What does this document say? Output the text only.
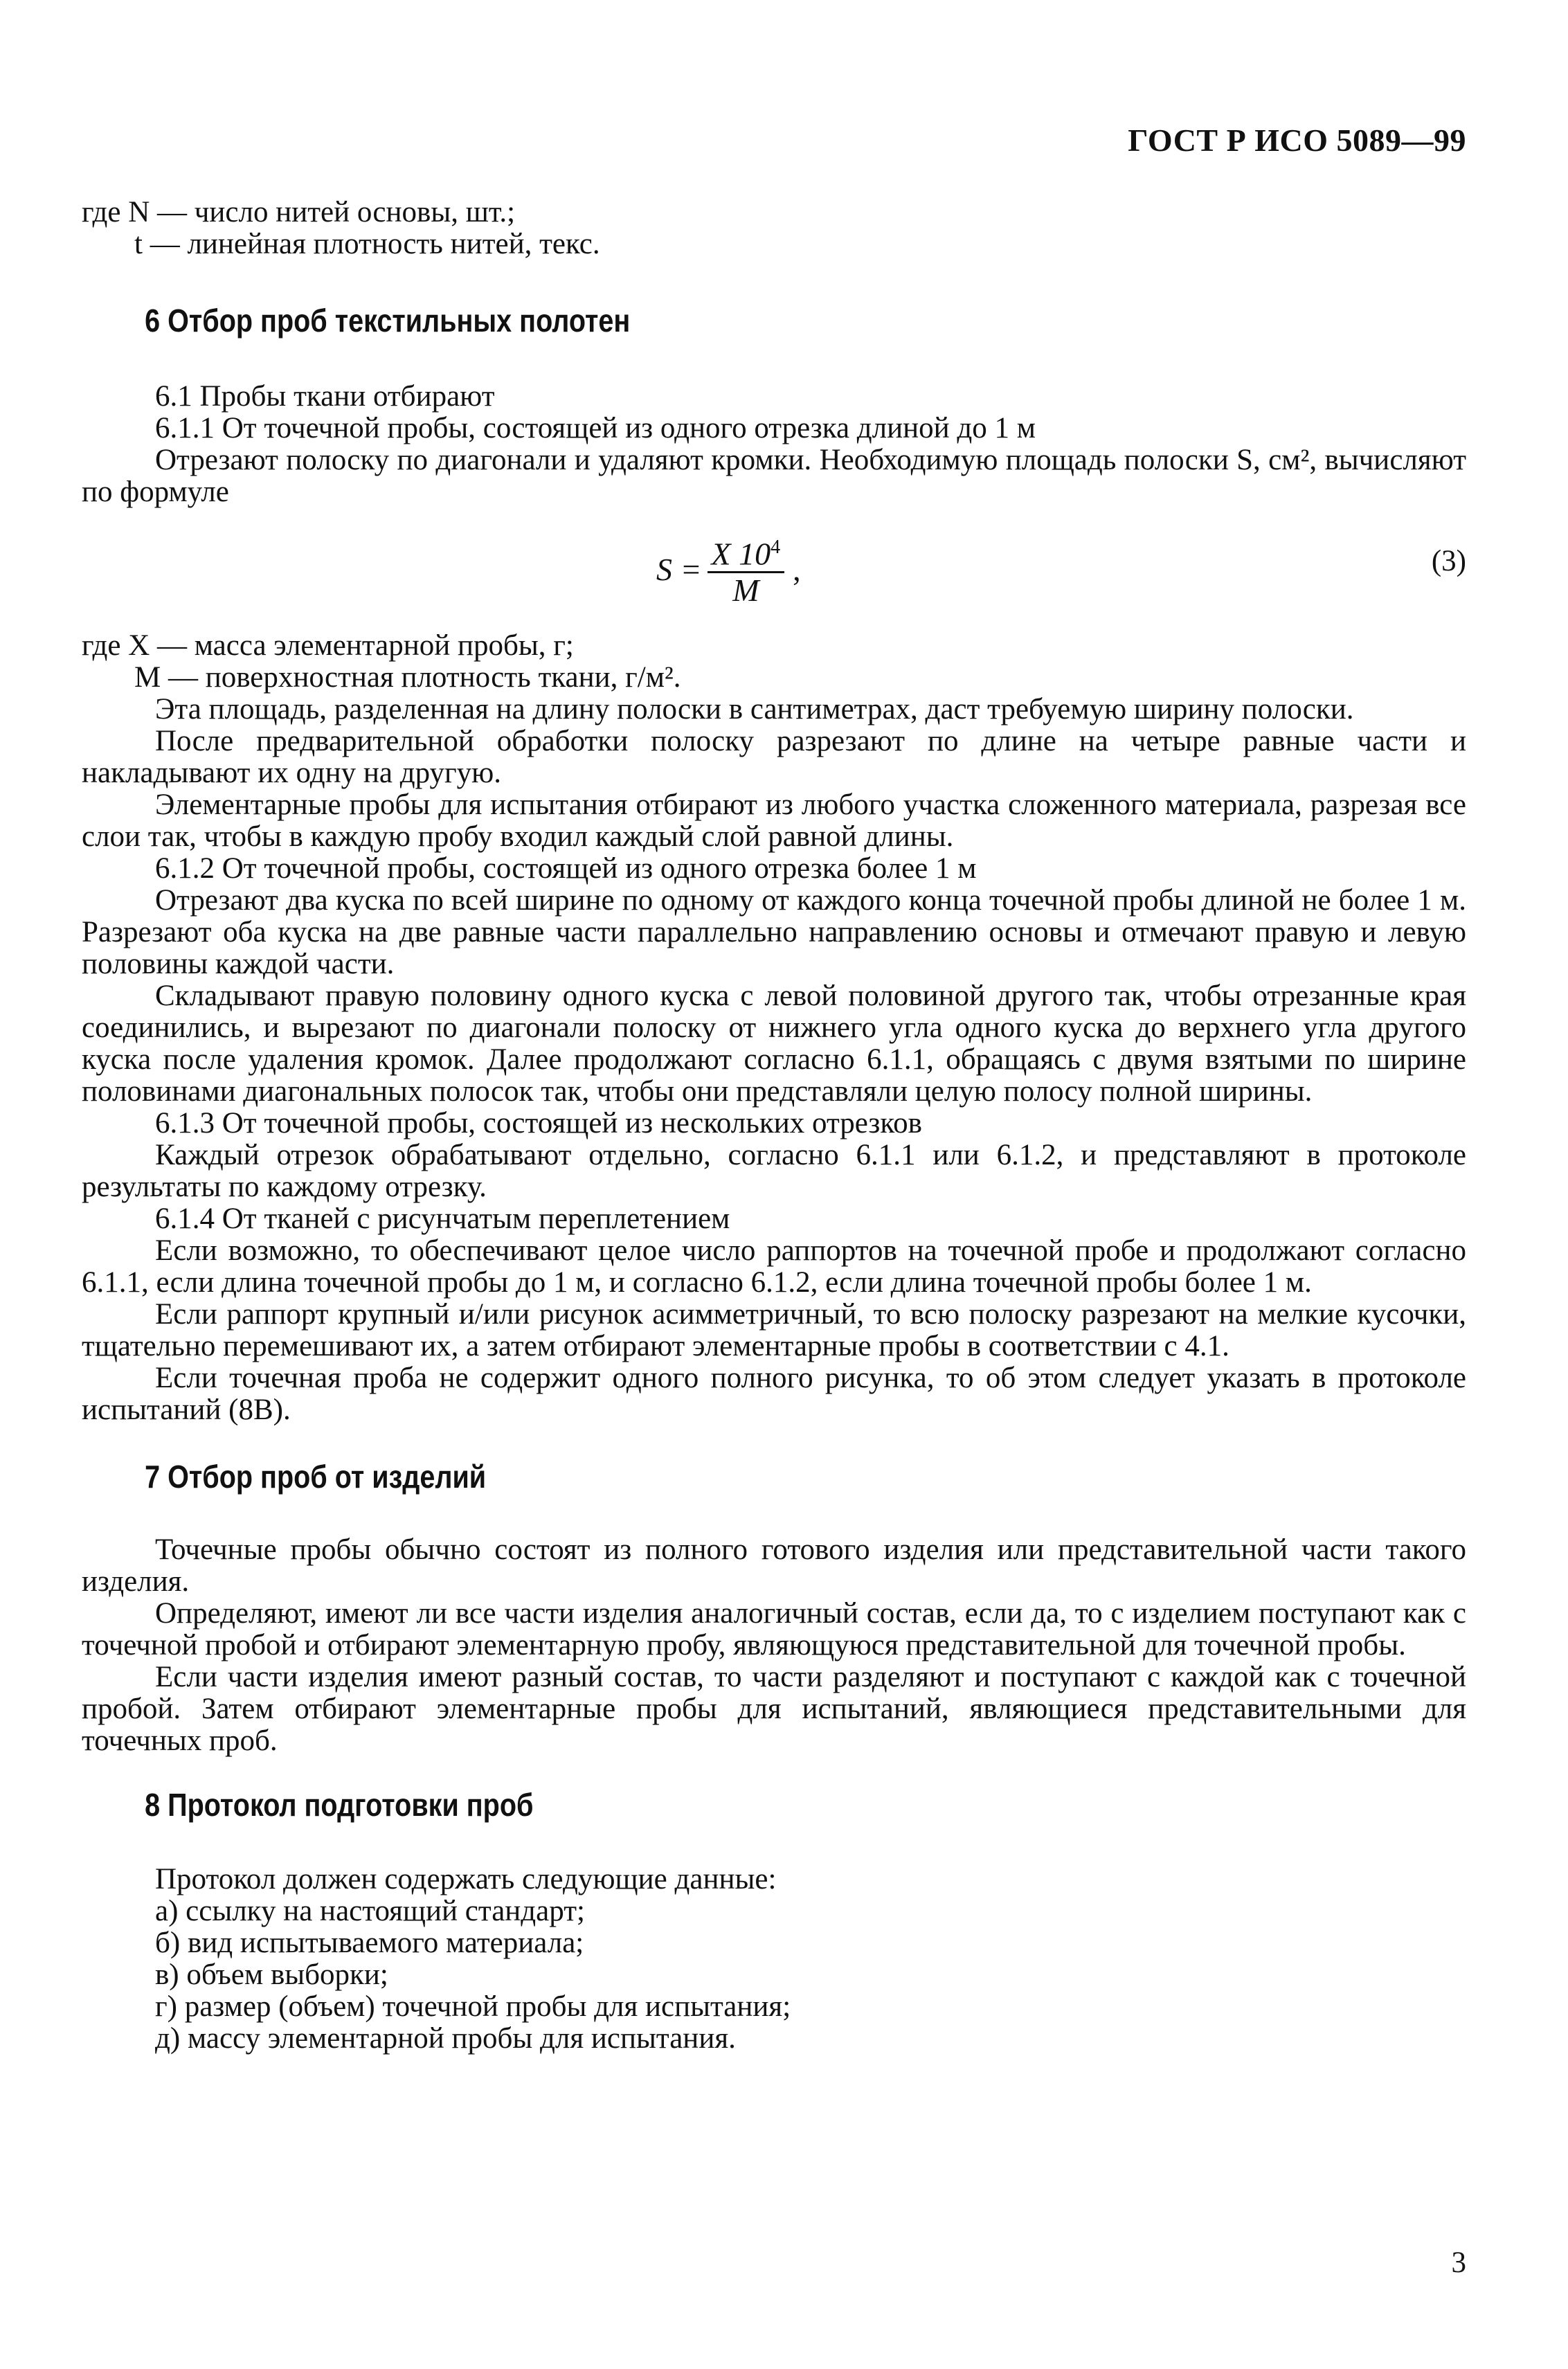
ГОСТ Р ИСО 5089—99

где N — число нитей основы, шт.;

t — линейная плотность нитей, текс.

6 Отбор проб текстильных полотен

6.1 Пробы ткани отбирают

6.1.1 От точечной пробы, состоящей из одного отрезка длиной до 1 м

Отрезают полоску по диагонали и удаляют кромки. Необходимую площадь полоски S, см², вычисляют по формуле

$S = \frac{X 10^4}{M}$ ,	(3)

где X — масса элементарной пробы, г;

M — поверхностная плотность ткани, г/м².

Эта площадь, разделенная на длину полоски в сантиметрах, даст требуемую ширину полоски.

После предварительной обработки полоску разрезают по длине на четыре равные части и накладывают их одну на другую.

Элементарные пробы для испытания отбирают из любого участка сложенного материала, разрезая все слои так, чтобы в каждую пробу входил каждый слой равной длины.

6.1.2 От точечной пробы, состоящей из одного отрезка более 1 м

Отрезают два куска по всей ширине по одному от каждого конца точечной пробы длиной не более 1 м. Разрезают оба куска на две равные части параллельно направлению основы и отмечают правую и левую половины каждой части.

Складывают правую половину одного куска с левой половиной другого так, чтобы отрезанные края соединились, и вырезают по диагонали полоску от нижнего угла одного куска до верхнего угла другого куска после удаления кромок. Далее продолжают согласно 6.1.1, обращаясь с двумя взятыми по ширине половинами диагональных полосок так, чтобы они представляли целую полосу полной ширины.

6.1.3 От точечной пробы, состоящей из нескольких отрезков

Каждый отрезок обрабатывают отдельно, согласно 6.1.1 или 6.1.2, и представляют в протоколе результаты по каждому отрезку.

6.1.4 От тканей с рисунчатым переплетением

Если возможно, то обеспечивают целое число раппортов на точечной пробе и продолжают согласно 6.1.1, если длина точечной пробы до 1 м, и согласно 6.1.2, если длина точечной пробы более 1 м.

Если раппорт крупный и/или рисунок асимметричный, то всю полоску разрезают на мелкие кусочки, тщательно перемешивают их, а затем отбирают элементарные пробы в соответствии с 4.1.

Если точечная проба не содержит одного полного рисунка, то об этом следует указать в протоколе испытаний (8В).

7 Отбор проб от изделий

Точечные пробы обычно состоят из полного готового изделия или представительной части такого изделия.

Определяют, имеют ли все части изделия аналогичный состав, если да, то с изделием поступают как с точечной пробой и отбирают элементарную пробу, являющуюся представительной для точечной пробы.

Если части изделия имеют разный состав, то части разделяют и поступают с каждой как с точечной пробой. Затем отбирают элементарные пробы для испытаний, являющиеся представительными для точечных проб.

8 Протокол подготовки проб

Протокол должен содержать следующие данные:

а) ссылку на настоящий стандарт;

б) вид испытываемого материала;

в) объем выборки;

г) размер (объем) точечной пробы для испытания;

д) массу элементарной пробы для испытания.

3
